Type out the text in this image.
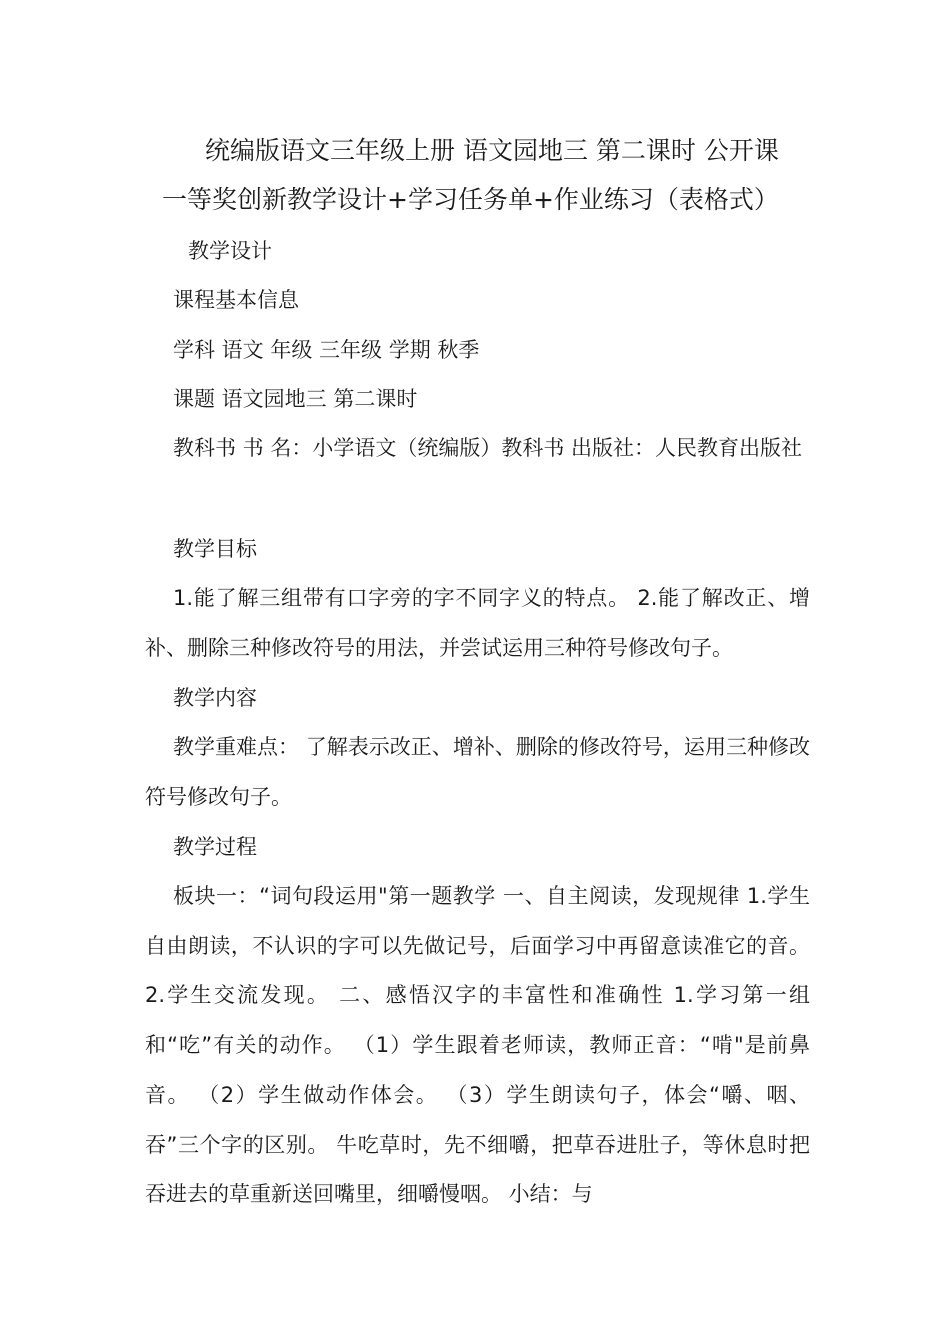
统编版语文三年级上册 语文园地三 第二课时 公开课
一等奖创新教学设计+学习任务单+作业练习（表格式）
教学设计
课程基本信息
学科 语文 年级 三年级 学期 秋季
课题 语文园地三 第二课时

教科书 书 名：小学语文（统编版）教科书 出版社：人民教育出版社

教学目标

1.能了解三组带有口字旁的字不同字义的特点。 2.能了解改正、增补、删除三种修改符号的用法，并尝试运用三种符号修改句子。

教学内容

教学重难点： 了解表示改正、增补、删除的修改符号，运用三种修改符号修改句子。

教学过程

板块一：“词句段运用"第一题教学 一、自主阅读，发现规律 1.学生自由朗读，不认识的字可以先做记号，后面学习中再留意读准它的音。 2.学生交流发现。 二、感悟汉字的丰富性和准确性 1.学习第一组和“吃”有关的动作。 （1）学生跟着老师读，教师正音：“啃"是前鼻音。 （2）学生做动作体会。 （3）学生朗读句子，体会“嚼、咽、吞”三个字的区别。 牛吃草时，先不细嚼，把草吞进肚子，等休息时把吞进去的草重新送回嘴里，细嚼慢咽。 小结：与
